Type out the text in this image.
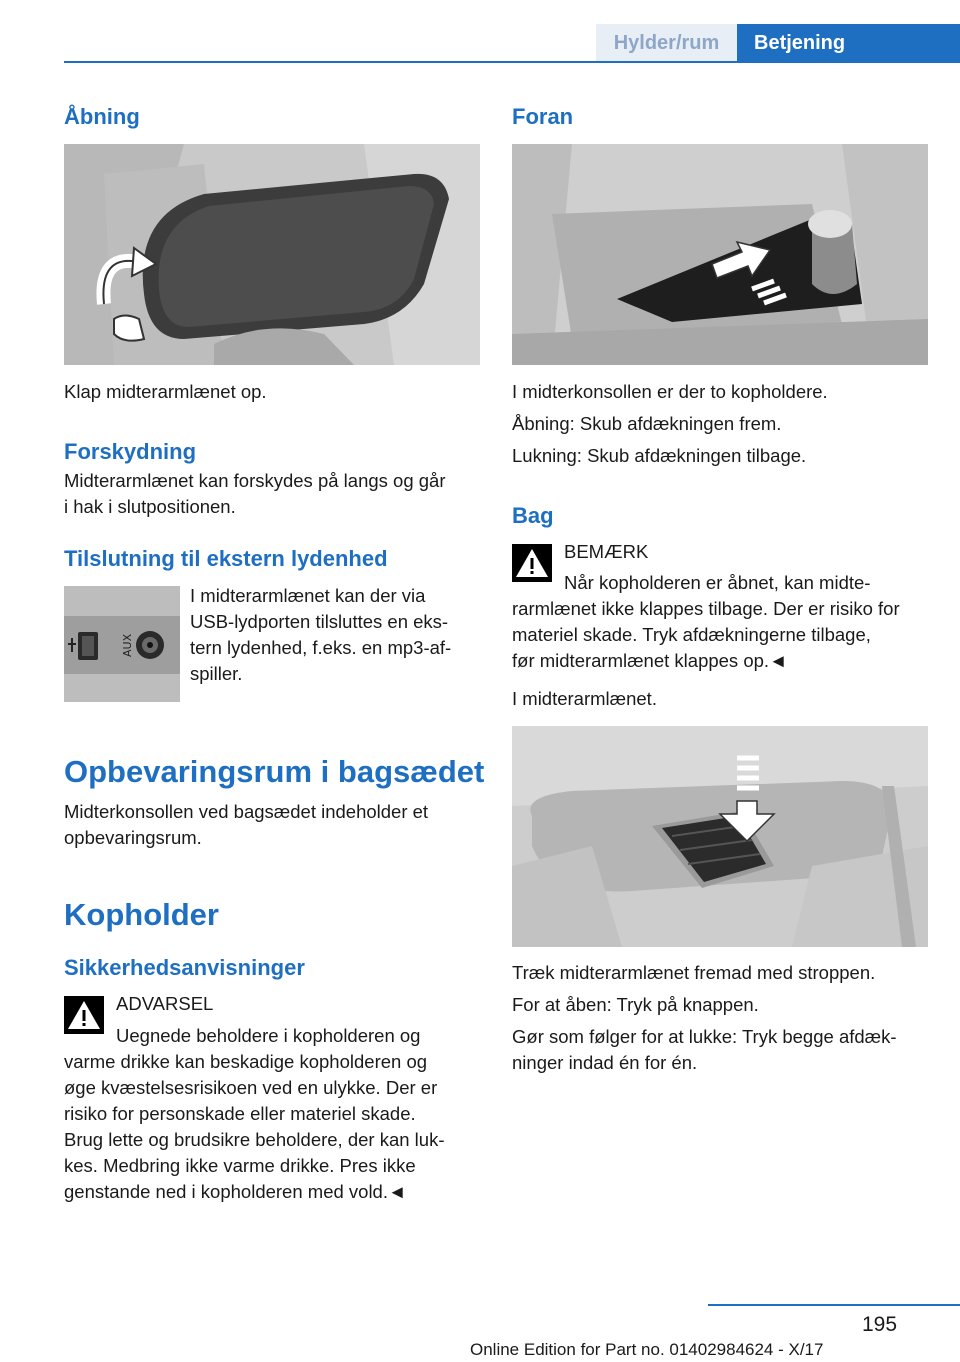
Hylder/rum	Betjening
Åbning

Klap midterarmlænet op.

Forskydning

Midterarmlænet kan forskydes på langs og går
i hak i slutpositionen.

Tilslutning til ekstern lydenhed
AUX

I midterarmlænet kan der via
USB-lydporten tilsluttes en eks-
tern lydenhed, f.eks. en mp3-af-
spiller.

Opbevaringsrum i bagsædet

Midterkonsollen ved bagsædet indeholder et
opbevaringsrum.

Kopholder
Sikkerhedsanvisninger

ADVARSEL

Uegnede beholdere i kopholderen og

varme drikke kan beskadige kopholderen og
øge kvæstelsesrisikoen ved en ulykke. Der er
risiko for personskade eller materiel skade.
Brug lette og brudsikre beholdere, der kan luk-
kes. Medbring ikke varme drikke. Pres ikke
genstande ned i kopholderen med vold.◄

Foran

I midterkonsollen er der to kopholdere.
Åbning: Skub afdækningen frem.
Lukning: Skub afdækningen tilbage.

Bag

BEMÆRK

Når kopholderen er åbnet, kan midte-

rarmlænet ikke klappes tilbage. Der er risiko for
materiel skade. Tryk afdækningerne tilbage,
før midterarmlænet klappes op.◄

I midterarmlænet.

Træk midterarmlænet fremad med stroppen.
For at åben: Tryk på knappen.
Gør som følger for at lukke: Tryk begge afdæk-
ninger indad én for én.

195
Online Edition for Part no. 01402984624 - X/17
